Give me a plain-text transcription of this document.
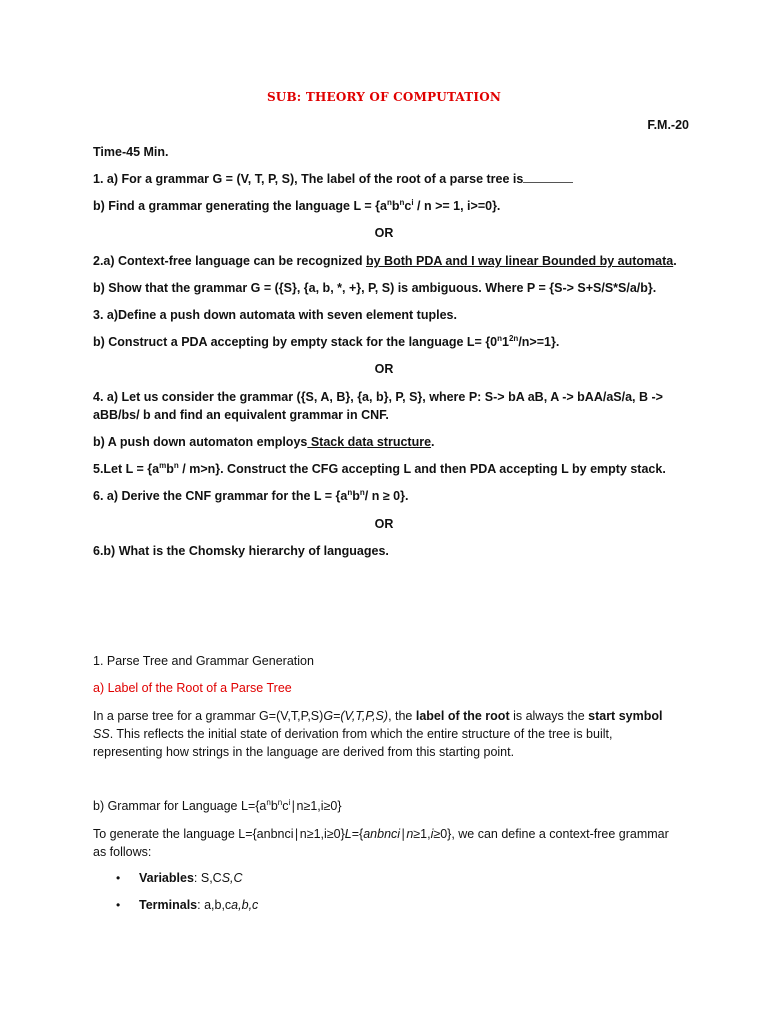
SUB: THEORY OF COMPUTATION
F.M.-20
Time-45 Min.
1. a) For a grammar G = (V, T, P, S), The label of the root of a parse tree is
b) Find a grammar generating the language $L = \{a^nb^nc^i / n >= 1$, i>=0}.
OR
2.a) Context-free language can be recognized by Both PDA and I way linear Bounded by automata.
b) Show that the grammar G = ({S}, {a, b, *, +}, P, S) is ambiguous. Where P = {S-> S+S/S*S/a/b}.
3. a)Define a push down automata with seven element tuples.
b) Construct a PDA accepting by empty stack for the language $L= \{0^n1^{2n}/n>=1\}$.
OR
4. a) Let us consider the grammar ({S, A, B}, {a, b}, P, S}, where P: S-> bA aB, A -> bAA/aS/a, B ->
aBB/bs/ b and find an equivalent grammar in CNF.
b) A push down automaton employs Stack data structure.
5.Let $L = \{a^mb^n / m>n\}$. Construct the CFG accepting L and then PDA accepting L by empty stack.
6. a) Derive the CNF grammar for the $L = \{a^nb^n/$ n ≥ 0}.
OR
6.b) What is the Chomsky hierarchy of languages.
1. Parse Tree and Grammar Generation
a) Label of the Root of a Parse Tree
In a parse tree for a grammar G=(V,T,P,S)G=(V,T,P,S), the label of the root is always the start symbol SS. This reflects the initial state of derivation from which the entire structure of the tree is built, representing how strings in the language are derived from this starting point.
b) Grammar for Language $L=\{a^nb^nc^i∣n\ge 1,i\ge 0\}$
To generate the language L={anbnci∣n≥1,i≥0}L={anbnci∣n≥1,i≥0}, we can define a context-free grammar as follows:
• Variables: S,CS,C
• Terminals: a,b,ca,b,c
